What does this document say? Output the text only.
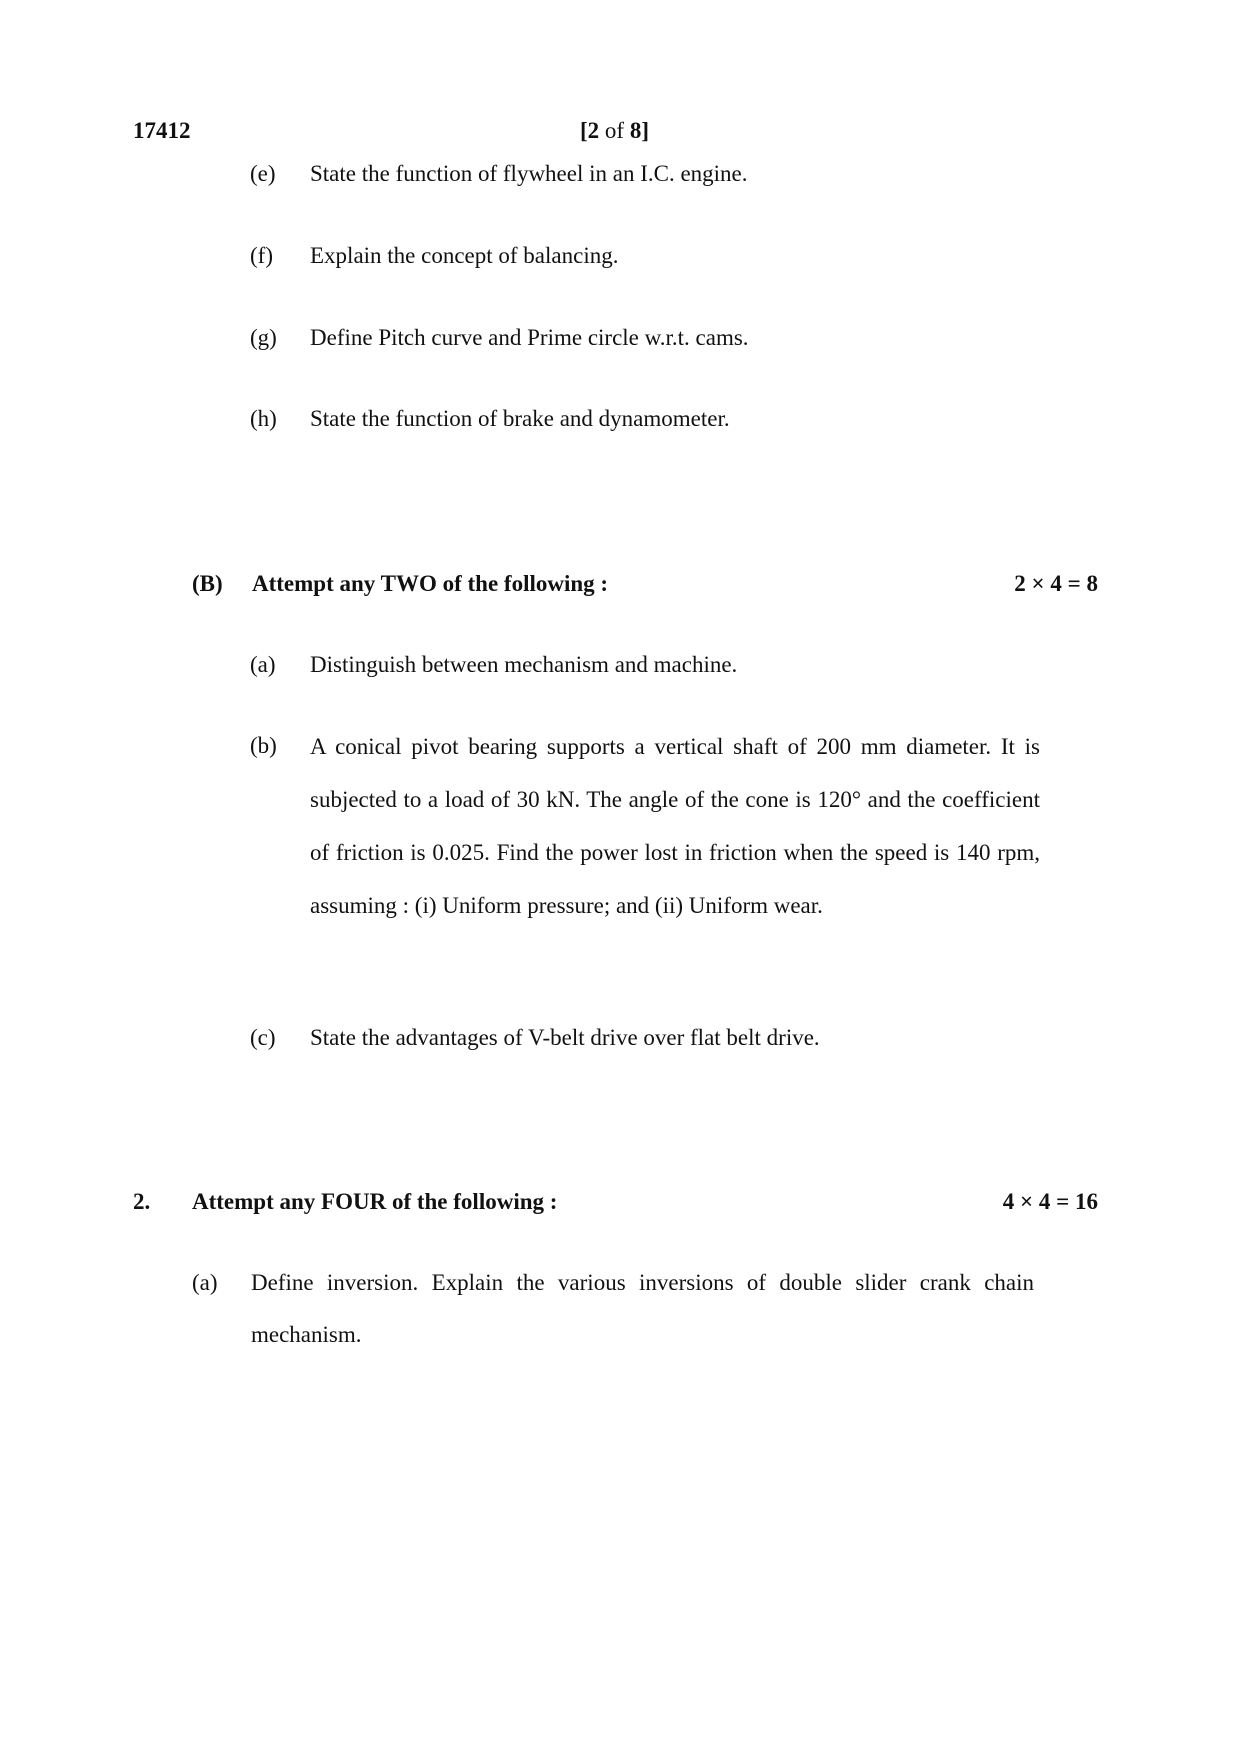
17412	[2 of 8]
(e) State the function of flywheel in an I.C. engine.
(f) Explain the concept of balancing.
(g) Define Pitch curve and Prime circle w.r.t. cams.
(h) State the function of brake and dynamometer.
(B) Attempt any TWO of the following :	2 × 4 = 8
(a) Distinguish between mechanism and machine.
(b) A conical pivot bearing supports a vertical shaft of 200 mm diameter. It is subjected to a load of 30 kN. The angle of the cone is 120° and the coefficient of friction is 0.025. Find the power lost in friction when the speed is 140 rpm, assuming : (i) Uniform pressure; and (ii) Uniform wear.
(c) State the advantages of V-belt drive over flat belt drive.
2. Attempt any FOUR of the following :	4 × 4 = 16
(a) Define inversion. Explain the various inversions of double slider crank chain mechanism.
